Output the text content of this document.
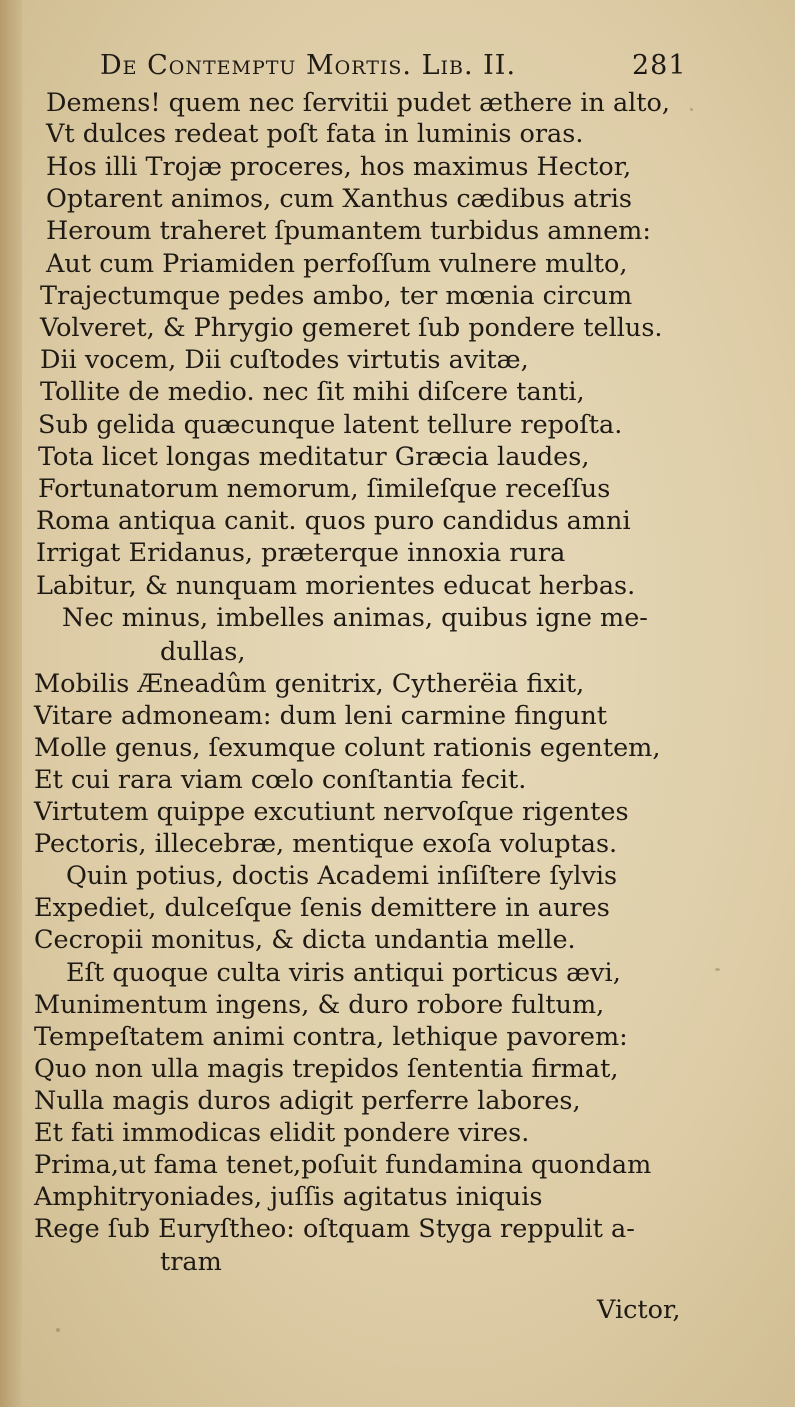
De Contemptu Mortis. Lib. II.	281
Demens! quem nec ſervitii pudet æthere in alto,
Vt dulces redeat poſt fata in luminis oras.
Hos illi Trojæ proceres, hos maximus Hector,
Optarent animos, cum Xanthus cædibus atris
Heroum traheret ſpumantem turbidus amnem:
Aut cum Priamiden perfoſſum vulnere multo,
Trajectumque pedes ambo, ter mœnia circum
Volveret, & Phrygio gemeret ſub pondere tellus.
Dii vocem, Dii cuſtodes virtutis avitæ,
Tollite de medio. nec ſit mihi diſcere tanti,
Sub gelida quæcunque latent tellure repoſta.
Tota licet longas meditatur Græcia laudes,
Fortunatorum nemorum, ſimileſque receſſus
Roma antiqua canit. quos puro candidus amni
Irrigat Eridanus, præterque innoxia rura
Labitur, & nunquam morientes educat herbas.
Nec minus, imbelles animas, quibus igne me-
dullas,
Mobilis Æneadûm genitrix, Cytherëia fixit,
Vitare admoneam: dum leni carmine fingunt
Molle genus, ſexumque colunt rationis egentem,
Et cui rara viam cœlo conſtantia fecit.
Virtutem quippe excutiunt nervoſque rigentes
Pectoris, illecebræ, mentique exoſa voluptas.
Quin potius, doctis Academi inſiſtere ſylvis
Expediet, dulceſque ſenis demittere in aures
Cecropii monitus, & dicta undantia melle.
Eſt quoque culta viris antiqui porticus ævi,
Munimentum ingens, & duro robore fultum,
Tempeſtatem animi contra, lethique pavorem:
Quo non ulla magis trepidos ſententia firmat,
Nulla magis duros adigit perferre labores,
Et fati immodicas elidit pondere vires.
Prima,ut fama tenet,poſuit fundamina quondam
Amphitryoniades, juſſis agitatus iniquis
Rege ſub Euryſtheo: oſtquam Styga reppulit a-
tram
Victor,
